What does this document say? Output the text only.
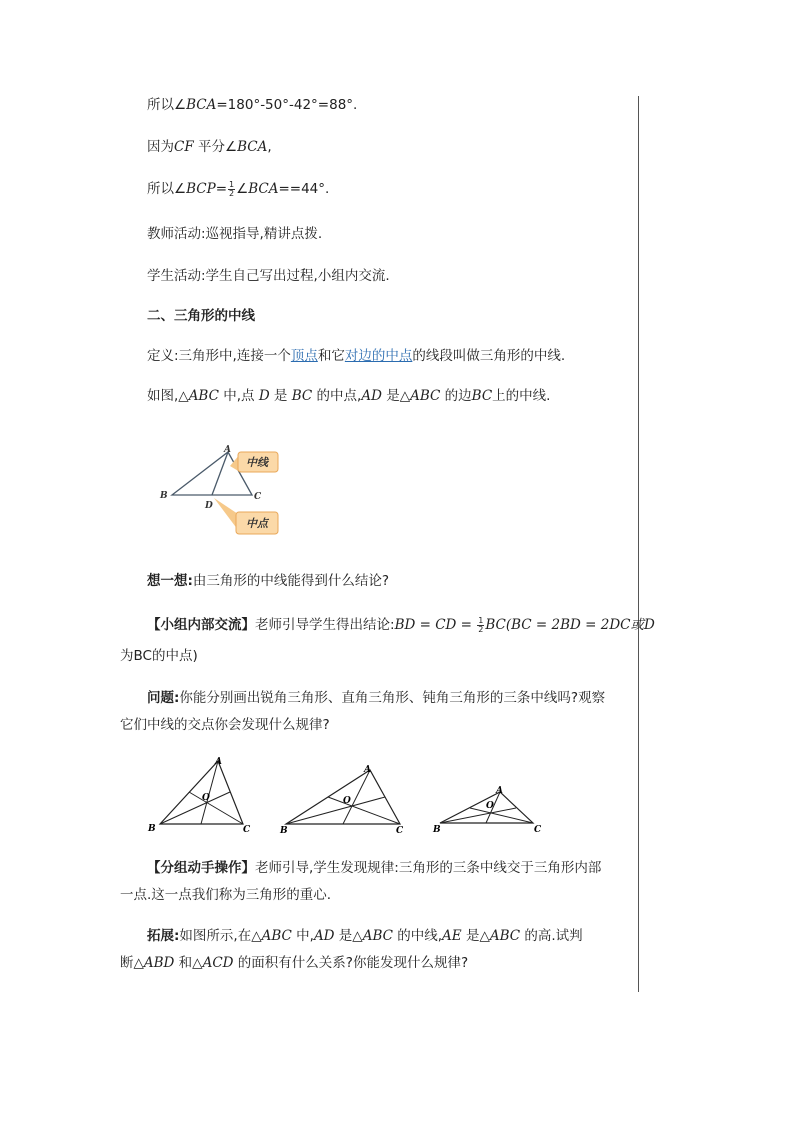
所以∠BCA=180°-50°-42°=88°.
因为CF 平分∠BCA,
所以∠BCP= $\frac{1}{2}$ ∠BCA==44°.
教师活动:巡视指导,精讲点拨.
学生活动:学生自己写出过程,小组内交流.
二、三角形的中线
定义:三角形中,连接一个顶点和它对边的中点的线段叫做三角形的中线.
如图,△ABC 中,点 D 是 BC 的中点,AD 是△ABC 的边BC上的中线.
中线
中点
A
B	C
D
想一想:由三角形的中线能得到什么结论?
【小组内部交流】老师引导学生得出结论:BD = CD = $\frac{1}{2} BC(BC = 2BD = 2DC$或D
为BC的中点)
问题:你能分别画出锐角三角形、直角三角形、钝角三角形的三条中线吗?观察
它们中线的交点你会发现什么规律?
A
B	C
O
A
B	C
O
A
B	C
O
【分组动手操作】老师引导,学生发现规律:三角形的三条中线交于三角形内部
一点.这一点我们称为三角形的重心.
拓展:如图所示,在△ABC 中,AD 是△ABC 的中线,AE 是△ABC 的高.试判
断△ABD 和△ACD 的面积有什么关系?你能发现什么规律?
